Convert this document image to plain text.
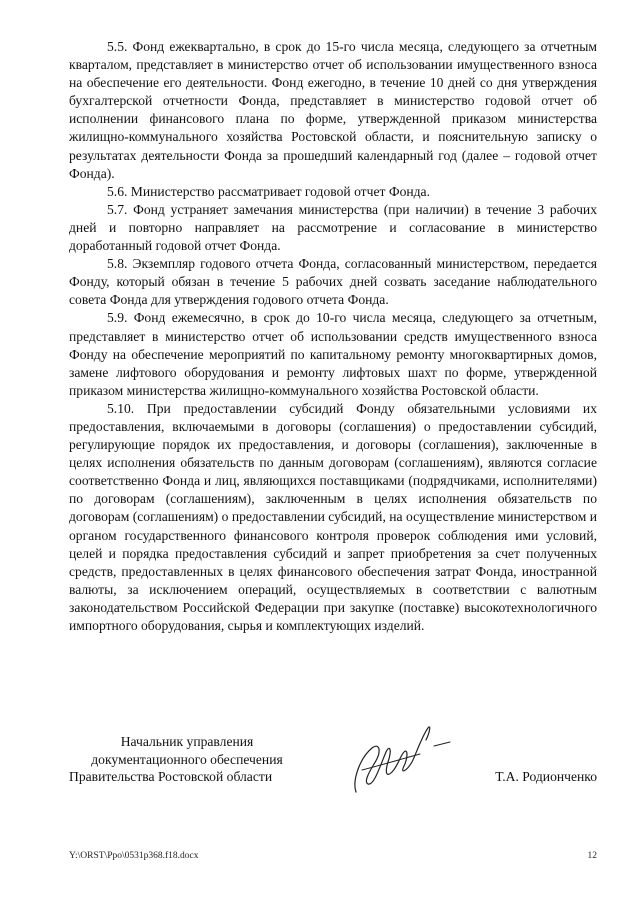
5.5. Фонд ежеквартально, в срок до 15-го числа месяца, следующего за отчетным кварталом, представляет в министерство отчет об использовании имущественного взноса на обеспечение его деятельности. Фонд ежегодно, в течение 10 дней со дня утверждения бухгалтерской отчетности Фонда, представляет в министерство годовой отчет об исполнении финансового плана по форме, утвержденной приказом министерства жилищно-коммунального хозяйства Ростовской области, и пояснительную записку о результатах деятельности Фонда за прошедший календарный год (далее – годовой отчет Фонда).

5.6. Министерство рассматривает годовой отчет Фонда.

5.7. Фонд устраняет замечания министерства (при наличии) в течение 3 рабочих дней и повторно направляет на рассмотрение и согласование в министерство доработанный годовой отчет Фонда.

5.8. Экземпляр годового отчета Фонда, согласованный министерством, передается Фонду, который обязан в течение 5 рабочих дней созвать заседание наблюдательного совета Фонда для утверждения годового отчета Фонда.

5.9. Фонд ежемесячно, в срок до 10-го числа месяца, следующего за отчетным, представляет в министерство отчет об использовании средств имущественного взноса Фонду на обеспечение мероприятий по капитальному ремонту многоквартирных домов, замене лифтового оборудования и ремонту лифтовых шахт по форме, утвержденной приказом министерства жилищно-коммунального хозяйства Ростовской области.

5.10. При предоставлении субсидий Фонду обязательными условиями их предоставления, включаемыми в договоры (соглашения) о предоставлении субсидий, регулирующие порядок их предоставления, и договоры (соглашения), заключенные в целях исполнения обязательств по данным договорам (соглашениям), являются согласие соответственно Фонда и лиц, являющихся поставщиками (подрядчиками, исполнителями) по договорам (соглашениям), заключенным в целях исполнения обязательств по договорам (соглашениям) о предоставлении субсидий, на осуществление министерством и органом государственного финансового контроля проверок соблюдения ими условий, целей и порядка предоставления субсидий и запрет приобретения за счет полученных средств, предоставленных в целях финансового обеспечения затрат Фонда, иностранной валюты, за исключением операций, осуществляемых в соответствии с валютным законодательством Российской Федерации при закупке (поставке) высокотехнологичного импортного оборудования, сырья и комплектующих изделий.

Начальник управления
документационного обеспечения
Правительства Ростовской области	Т.А. Родионченко
Y:\ORST\Ppo\0531p368.f18.docx	12
